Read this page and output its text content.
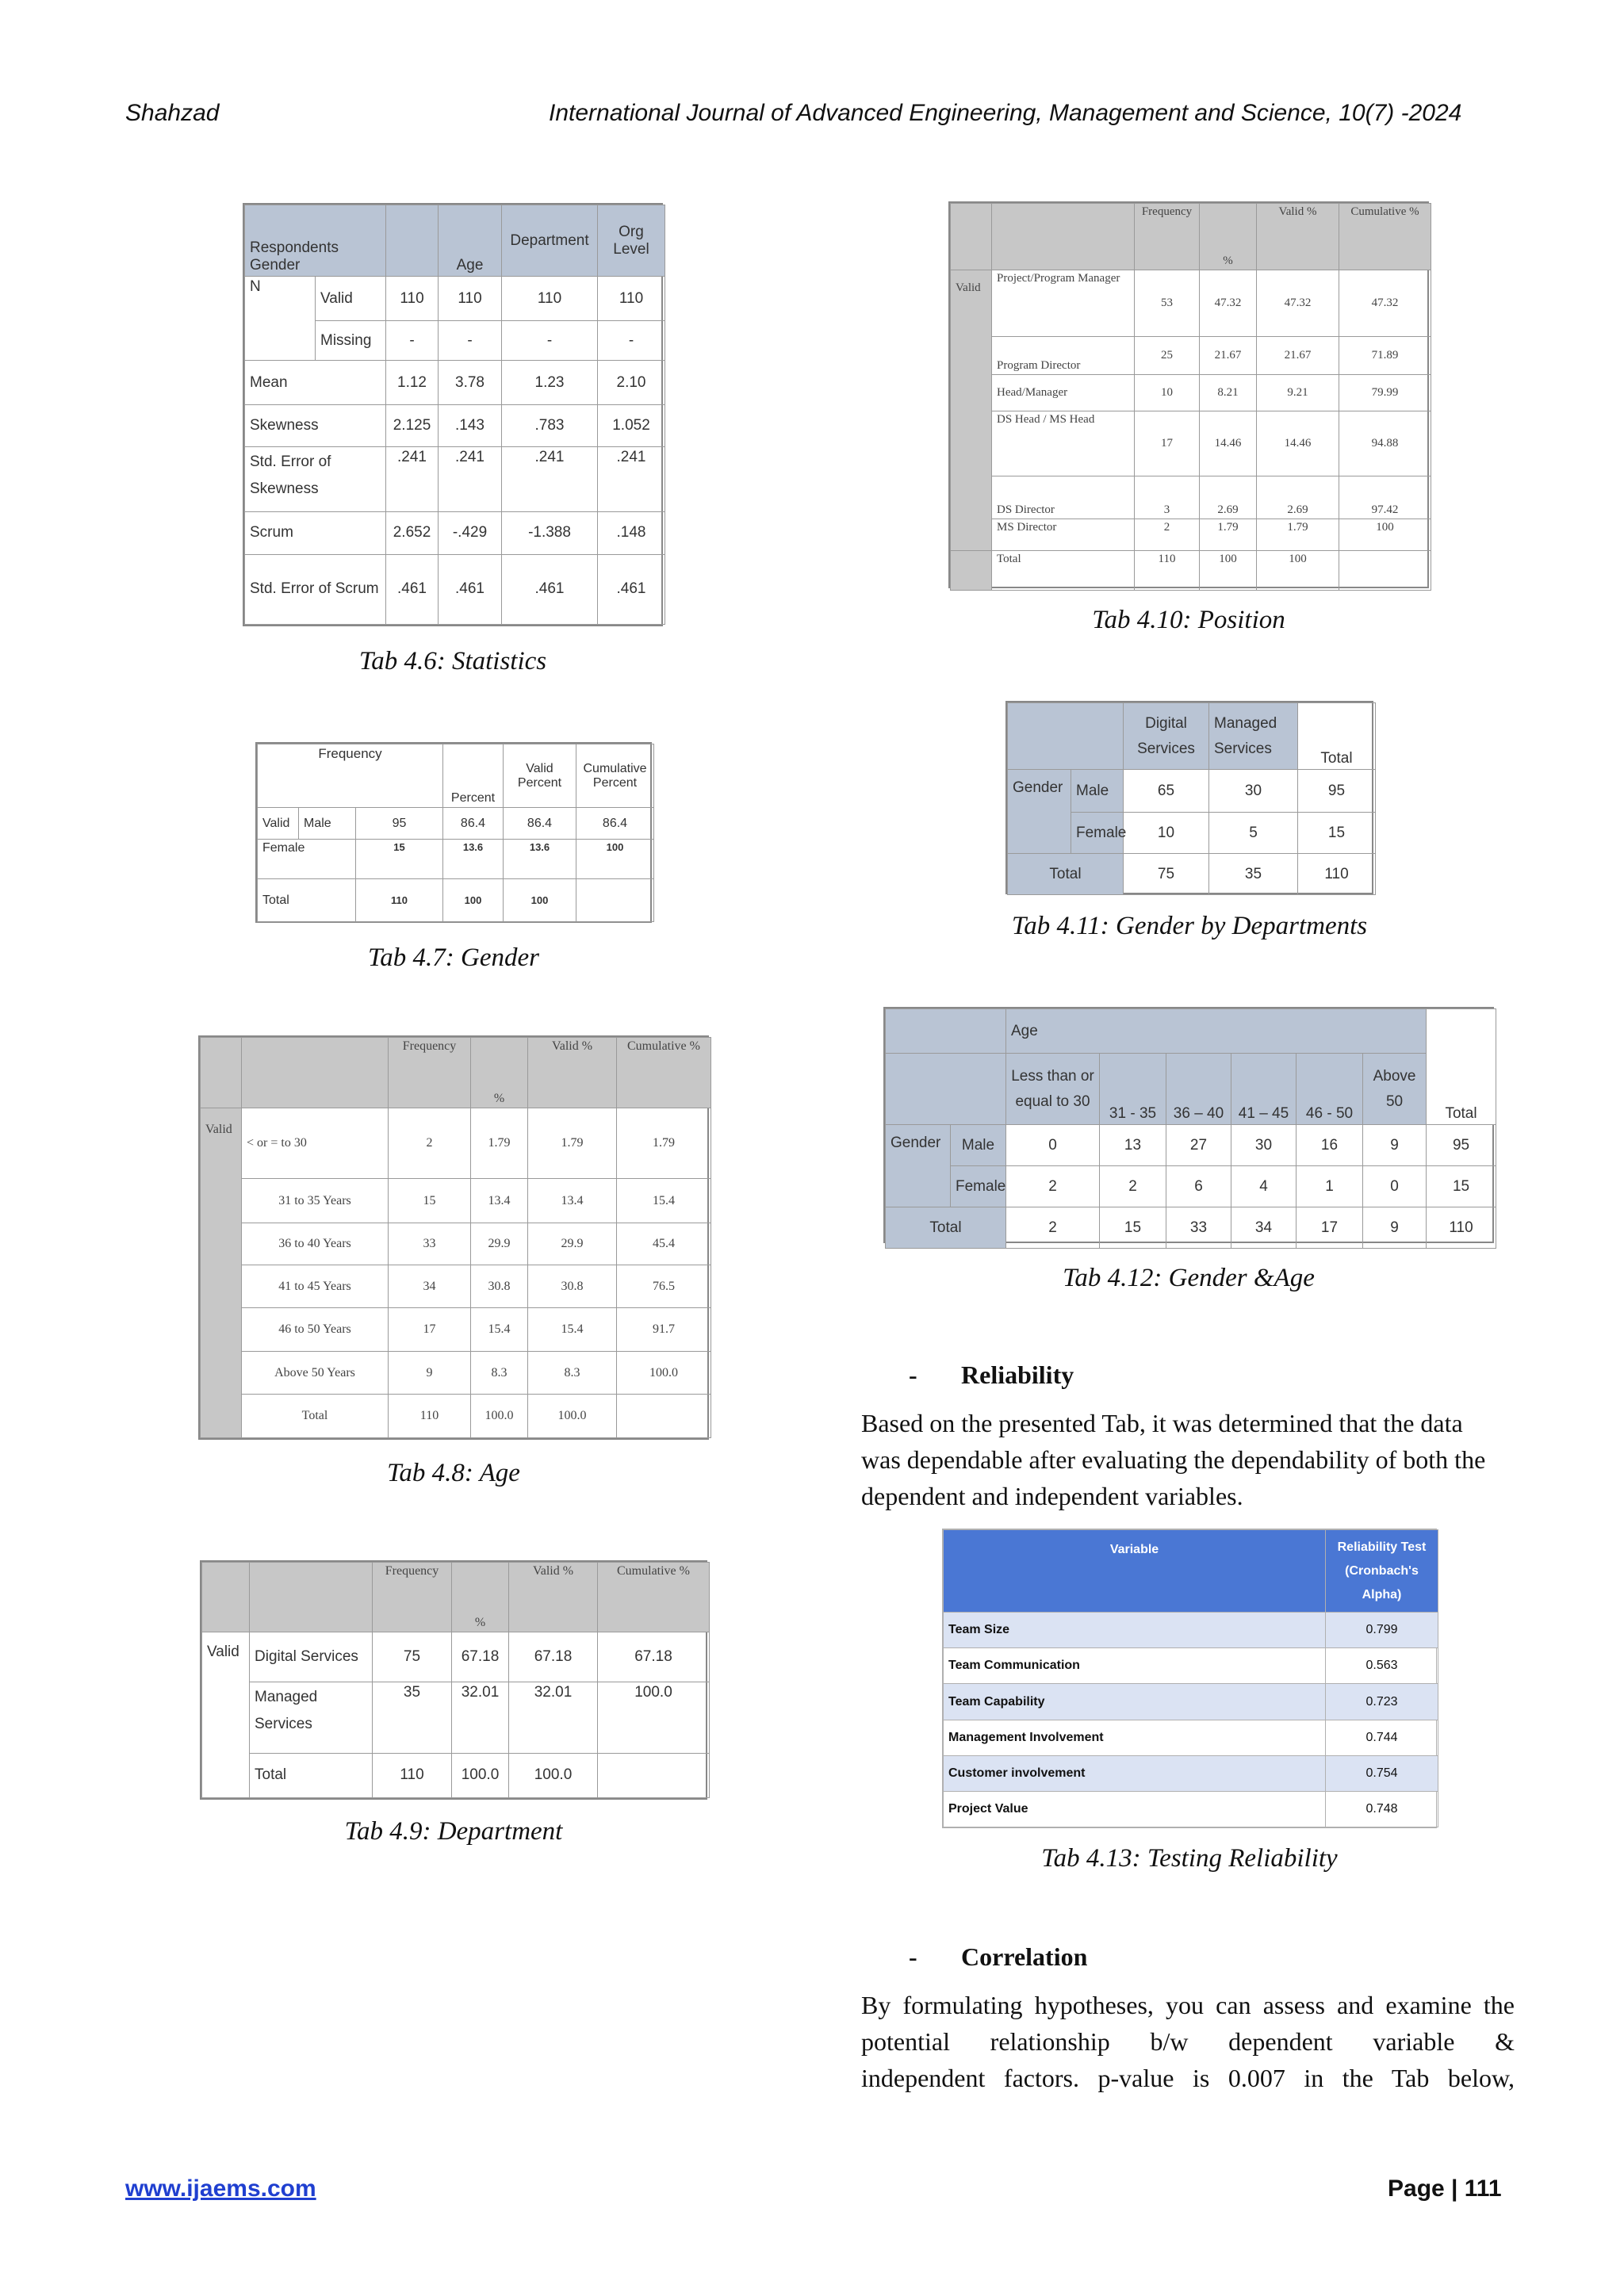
Shahzad	International Journal of Advanced Engineering, Management and Science, 10(7) -2024
Respondents Gender			Age	Department	Org Level
N	Valid	110	110	110	110
	Missing	-	-	-	-
Mean		1.12	3.78	1.23	2.10
Skewness		2.125	.143	.783	1.052
Std. Error of Skewness		.241	.241	.241	.241
Scrum		2.652	-.429	-1.388	.148
Std. Error of Scrum		.461	.461	.461	.461
Tab 4.6: Statistics
Frequency			Percent	Valid Percent	Cumulative Percent
Valid	Male	95	86.4	86.4	86.4
Female		15	13.6	13.6	100
Total		110	100	100	
Tab 4.7: Gender
		Frequency	%	Valid %	Cumulative %
Valid	< or = to 30	2	1.79	1.79	1.79
	31 to 35 Years	15	13.4	13.4	15.4
	36 to 40 Years	33	29.9	29.9	45.4
	41 to 45 Years	34	30.8	30.8	76.5
	46 to 50 Years	17	15.4	15.4	91.7
	Above 50 Years	9	8.3	8.3	100.0
	Total	110	100.0	100.0	
Tab 4.8: Age
		Frequency	%	Valid %	Cumulative %
Valid	Digital Services	75	67.18	67.18	67.18
	Managed Services	35	32.01	32.01	100.0
	Total	110	100.0	100.0	
Tab 4.9: Department
		Frequency	%	Valid %	Cumulative %
Valid	Project/Program Manager	53	47.32	47.32	47.32
	Program Director	25	21.67	21.67	71.89
	Head/Manager	10	8.21	9.21	79.99
	DS Head / MS Head	17	14.46	14.46	94.88
	DS Director	3	2.69	2.69	97.42
	MS Director	2	1.79	1.79	100
	Total	110	100	100	
Tab 4.10: Position
		Digital Services	Managed Services	Total
Gender	Male	65	30	95
	Female	10	5	15
Total		75	35	110
Tab 4.11: Gender by Departments
		Age						Total
		Less than or equal to 30	31 - 35	36 – 40	41 – 45	46 - 50	Above 50	
Gender	Male	0	13	27	30	16	9	95
	Female	2	2	6	4	1	0	15
Total		2	15	33	34	17	9	110
Tab 4.12: Gender &Age
- Reliability
Based on the presented Tab, it was determined that the data was dependable after evaluating the dependability of both the dependent and independent variables.
Variable	Reliability Test (Cronbach's Alpha)
Team Size	0.799
Team Communication	0.563
Team Capability	0.723
Management Involvement	0.744
Customer involvement	0.754
Project Value	0.748
Tab 4.13: Testing Reliability
- Correlation
By formulating hypotheses, you can assess and examine the
potential relationship b/w dependent variable &
independent factors. p-value is 0.007 in the Tab below,
www.ijaems.com	Page | 111
